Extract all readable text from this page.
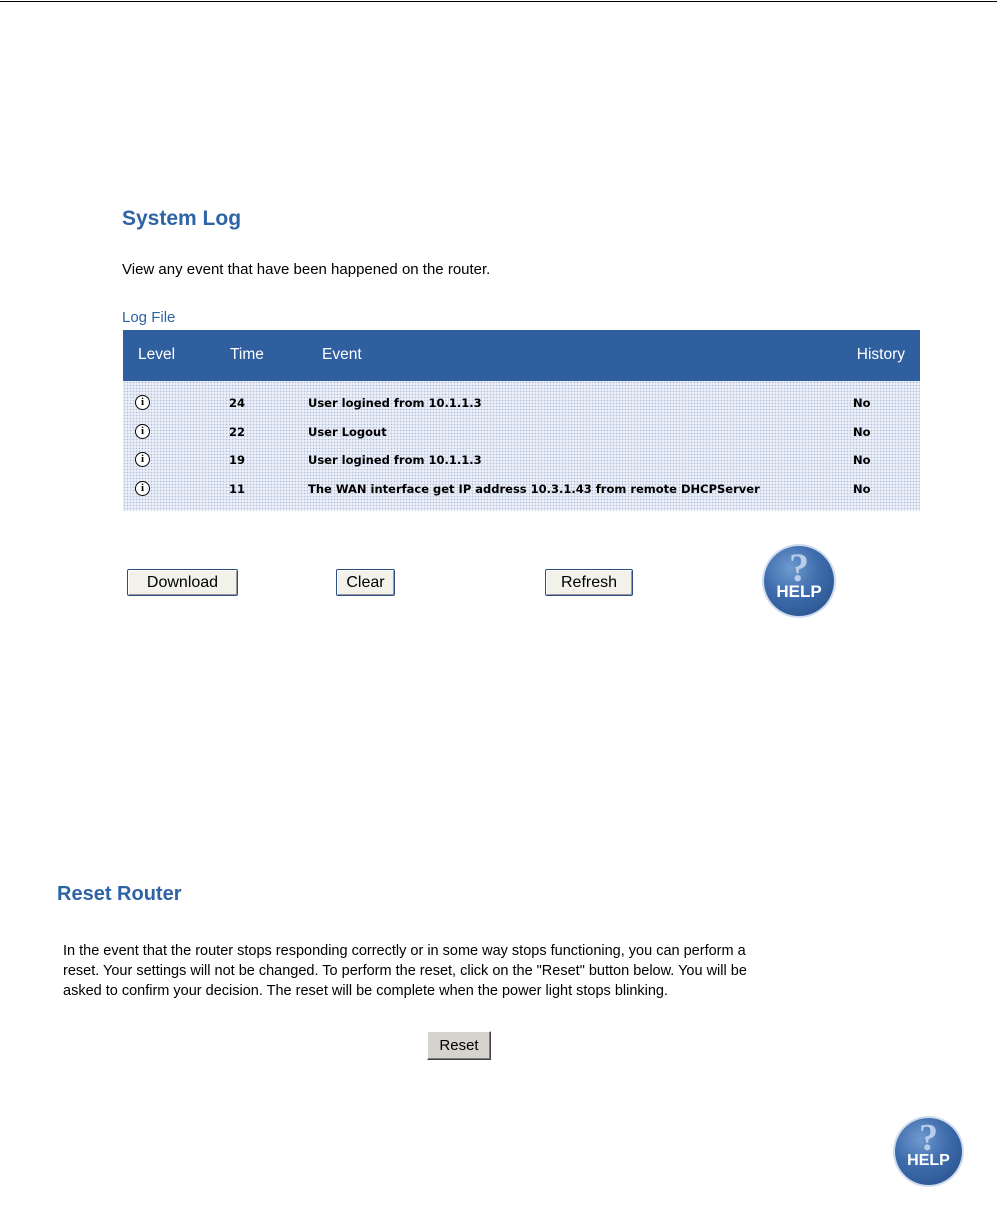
System Log
View any event that have been happened on the router.
Log File
Level	Time	Event	History
i	24	User logined from 10.1.1.3	No
i	22	User Logout	No
i	19	User logined from 10.1.1.3	No
i	11	The WAN interface get IP address 10.3.1.43 from remote DHCPServer	No
Download	Clear	Refresh	?
HELP
Reset Router
In the event that the router stops responding correctly or in some way stops functioning, you can perform a
reset. Your settings will not be changed. To perform the reset, click on the "Reset" button below. You will be
asked to confirm your decision. The reset will be complete when the power light stops blinking.
Reset
?
HELP
